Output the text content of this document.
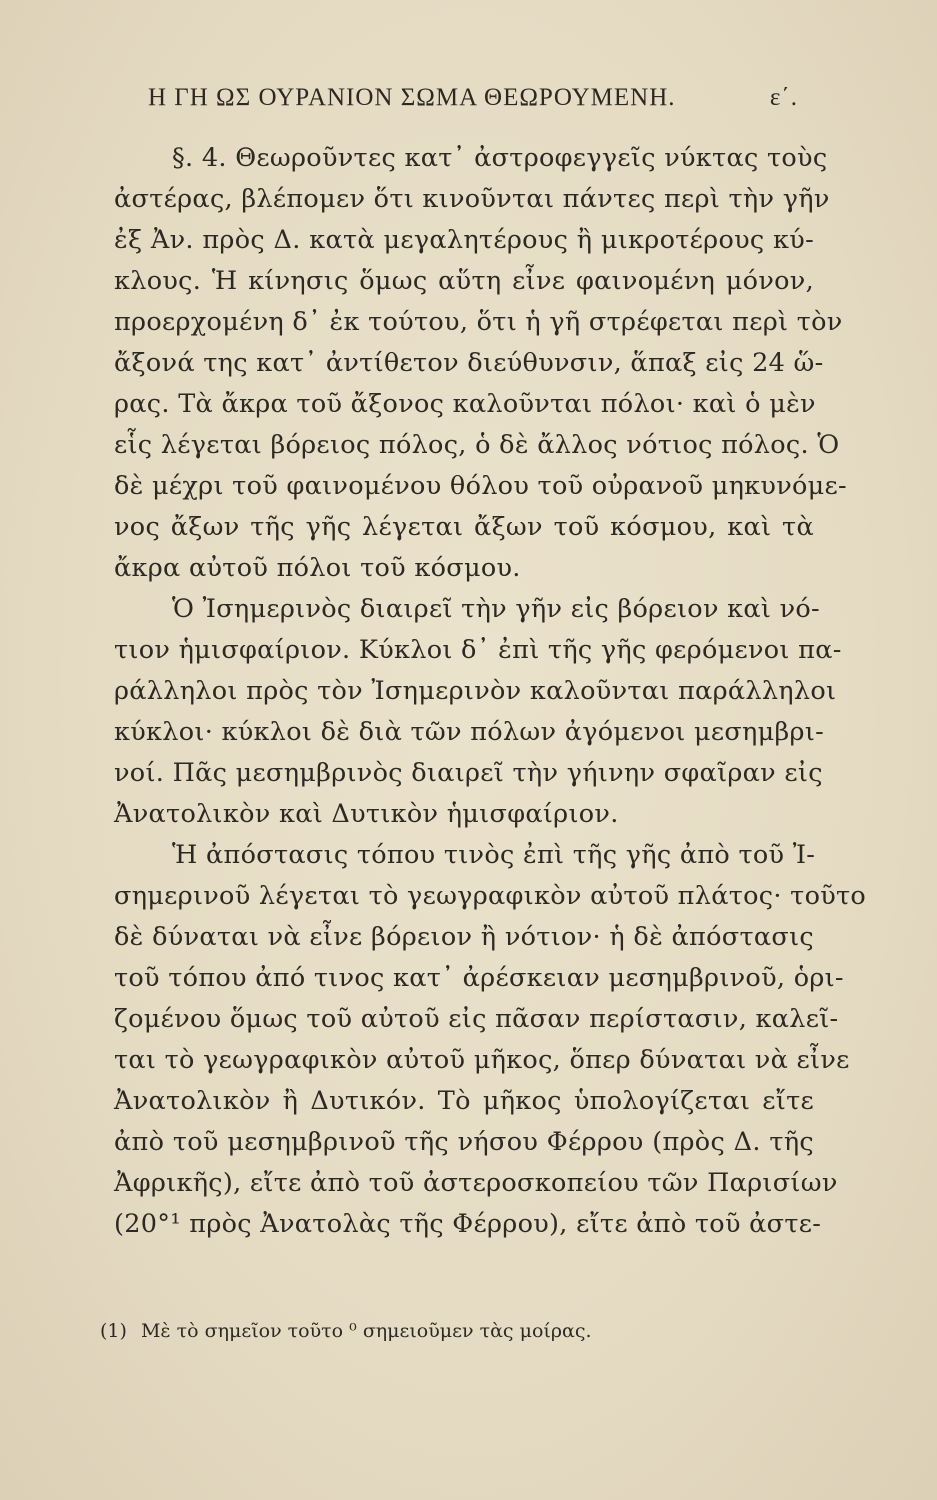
Η ΓΗ ΩΣ ΟΥΡΑΝΙΟΝ ΣΩΜΑ ΘΕΩΡΟΥΜΕΝΗ.	ε΄.
§. 4. Θεωροῦντες κατ᾽ ἀστροφεγγεῖς νύκτας τοὺς
ἀστέρας, βλέπομεν ὅτι κινοῦνται πάντες περὶ τὴν γῆν
ἐξ Ἀν. πρὸς Δ. κατὰ μεγαλητέρους ἢ μικροτέρους κύ-
κλους. Ἡ κίνησις ὅμως αὕτη εἶνε φαινομένη μόνον,
προερχομένη δ᾽ ἐκ τούτου, ὅτι ἡ γῆ στρέφεται περὶ τὸν
ἄξονά της κατ᾽ ἀντίθετον διεύθυνσιν, ἅπαξ εἰς 24 ὥ-
ρας. Τὰ ἄκρα τοῦ ἄξονος καλοῦνται πόλοι· καὶ ὁ μὲν
εἷς λέγεται βόρειος πόλος, ὁ δὲ ἄλλος νότιος πόλος. Ὁ
δὲ μέχρι τοῦ φαινομένου θόλου τοῦ οὐρανοῦ μηκυνόμε-
νος ἄξων τῆς γῆς λέγεται ἄξων τοῦ κόσμου, καὶ τὰ
ἄκρα αὐτοῦ πόλοι τοῦ κόσμου.
Ὁ Ἰσημερινὸς διαιρεῖ τὴν γῆν εἰς βόρειον καὶ νό-
τιον ἡμισφαίριον. Κύκλοι δ᾽ ἐπὶ τῆς γῆς φερόμενοι πα-
ράλληλοι πρὸς τὸν Ἰσημερινὸν καλοῦνται παράλληλοι
κύκλοι· κύκλοι δὲ διὰ τῶν πόλων ἀγόμενοι μεσημβρι-
νοί. Πᾶς μεσημβρινὸς διαιρεῖ τὴν γήινην σφαῖραν εἰς
Ἀνατολικὸν καὶ Δυτικὸν ἡμισφαίριον.
Ἡ ἀπόστασις τόπου τινὸς ἐπὶ τῆς γῆς ἀπὸ τοῦ Ἰ-
σημερινοῦ λέγεται τὸ γεωγραφικὸν αὐτοῦ πλάτος· τοῦτο
δὲ δύναται νὰ εἶνε βόρειον ἢ νότιον· ἡ δὲ ἀπόστασις
τοῦ τόπου ἀπό τινος κατ᾽ ἀρέσκειαν μεσημβρινοῦ, ὁρι-
ζομένου ὅμως τοῦ αὐτοῦ εἰς πᾶσαν περίστασιν, καλεῖ-
ται τὸ γεωγραφικὸν αὐτοῦ μῆκος, ὅπερ δύναται νὰ εἶνε
Ἀνατολικὸν ἢ Δυτικόν. Τὸ μῆκος ὑπολογίζεται εἴτε
ἀπὸ τοῦ μεσημβρινοῦ τῆς νήσου Φέρρου (πρὸς Δ. τῆς
Ἀφρικῆς), εἴτε ἀπὸ τοῦ ἀστεροσκοπείου τῶν Παρισίων
(20°¹ πρὸς Ἀνατολὰς τῆς Φέρρου), εἴτε ἀπὸ τοῦ ἀστε-
(1) Μὲ τὸ σημεῖον τοῦτο ⁰ σημειοῦμεν τὰς μοίρας.
